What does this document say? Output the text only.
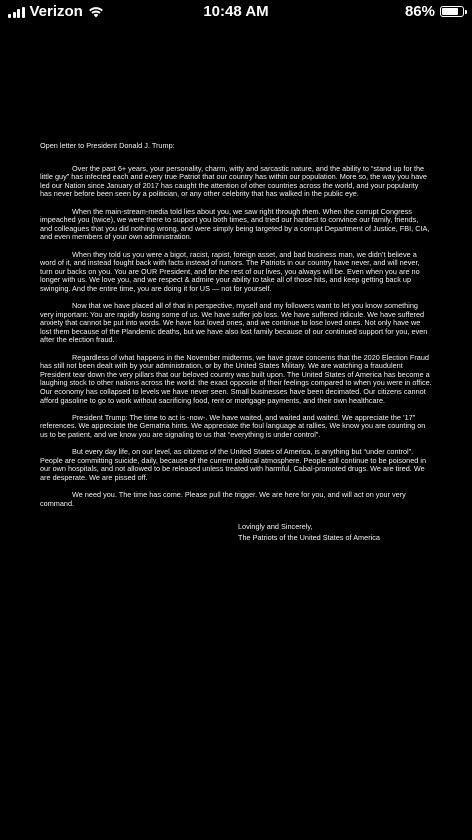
Verizon	10:48 AM	86%

Open letter to President Donald J. Trump:

Over the past 6+ years, your personality, charm, witty and sarcastic nature, and the ability to “stand up for the little guy” has infected each and every true Patriot that our country has within our population. More so, the way you have led our Nation since January of 2017 has caught the attention of other countries across the world, and your popularity has never before been seen by a politician, or any other celebrity that has walked in the public eye.

When the main-stream-media told lies about you, we saw right through them. When the corrupt Congress impeached you (twice), we were there to support you both times, and tried our hardest to convince our family, friends, and colleagues that you did nothing wrong, and were simply being targeted by a corrupt Department of Justice, FBI, CIA, and even members of your own administration.

When they told us you were a bigot, racist, rapist, foreign asset, and bad business man, we didn’t believe a word of it, and instead fought back with facts instead of rumors. The Patriots in our country have never, and will never, turn our backs on you. You are OUR President, and for the rest of our lives, you always will be. Even when you are no longer with us. We love you, and we respect & admire your ability to take all of those hits, and keep getting back up swinging. And the entire time, you are doing it for US — not for yourself.

Now that we have placed all of that in perspective, myself and my followers want to let you know something very important: You are rapidly losing some of us. We have suffer job loss. We have suffered ridicule. We have suffered anxiety that cannot be put into words. We have lost loved ones, and we continue to lose loved ones. Not only have we lost them because of the Plandemic deaths, but we have also lost family because of our continued support for you, even after the election fraud.

Regardless of what happens in the November midterms, we have grave concerns that the 2020 Election Fraud has still not been dealt with by your administration, or by the United States Military. We are watching a fraudulent President tear down the very pillars that our beloved country was built upon. The United States of America has become a laughing stock to other nations across the world: the exact opposite of their feelings compared to when you were in office. Our economy has collapsed to levels we have never seen. Small businesses have been decimated. Our citizens cannot afford gasoline to go to work without sacrificing food, rent or mortgage payments, and their own healthcare.

President Trump: The time to act is -now-. We have waited, and waited and waited. We appreciate the ’17” references. We appreciate the Gematria hints. We appreciate the foul language at rallies. We know you are counting on us to be patient, and we know you are signaling to us that “everything is under control”.

But every day life, on our level, as citizens of the United States of America, is anything but “under control”. People are committing suicide, daily, because of the current political atmosphere. People still continue to be poisoned in our own hospitals, and not allowed to be released unless treated with harmful, Cabal-promoted drugs. We are tired. We are desperate. We are pissed off.

We need you. The time has come. Please pull the trigger. We are here for you, and will act on your very command.

Lovingly and Sincerely,
The Patriots of the United States of America
